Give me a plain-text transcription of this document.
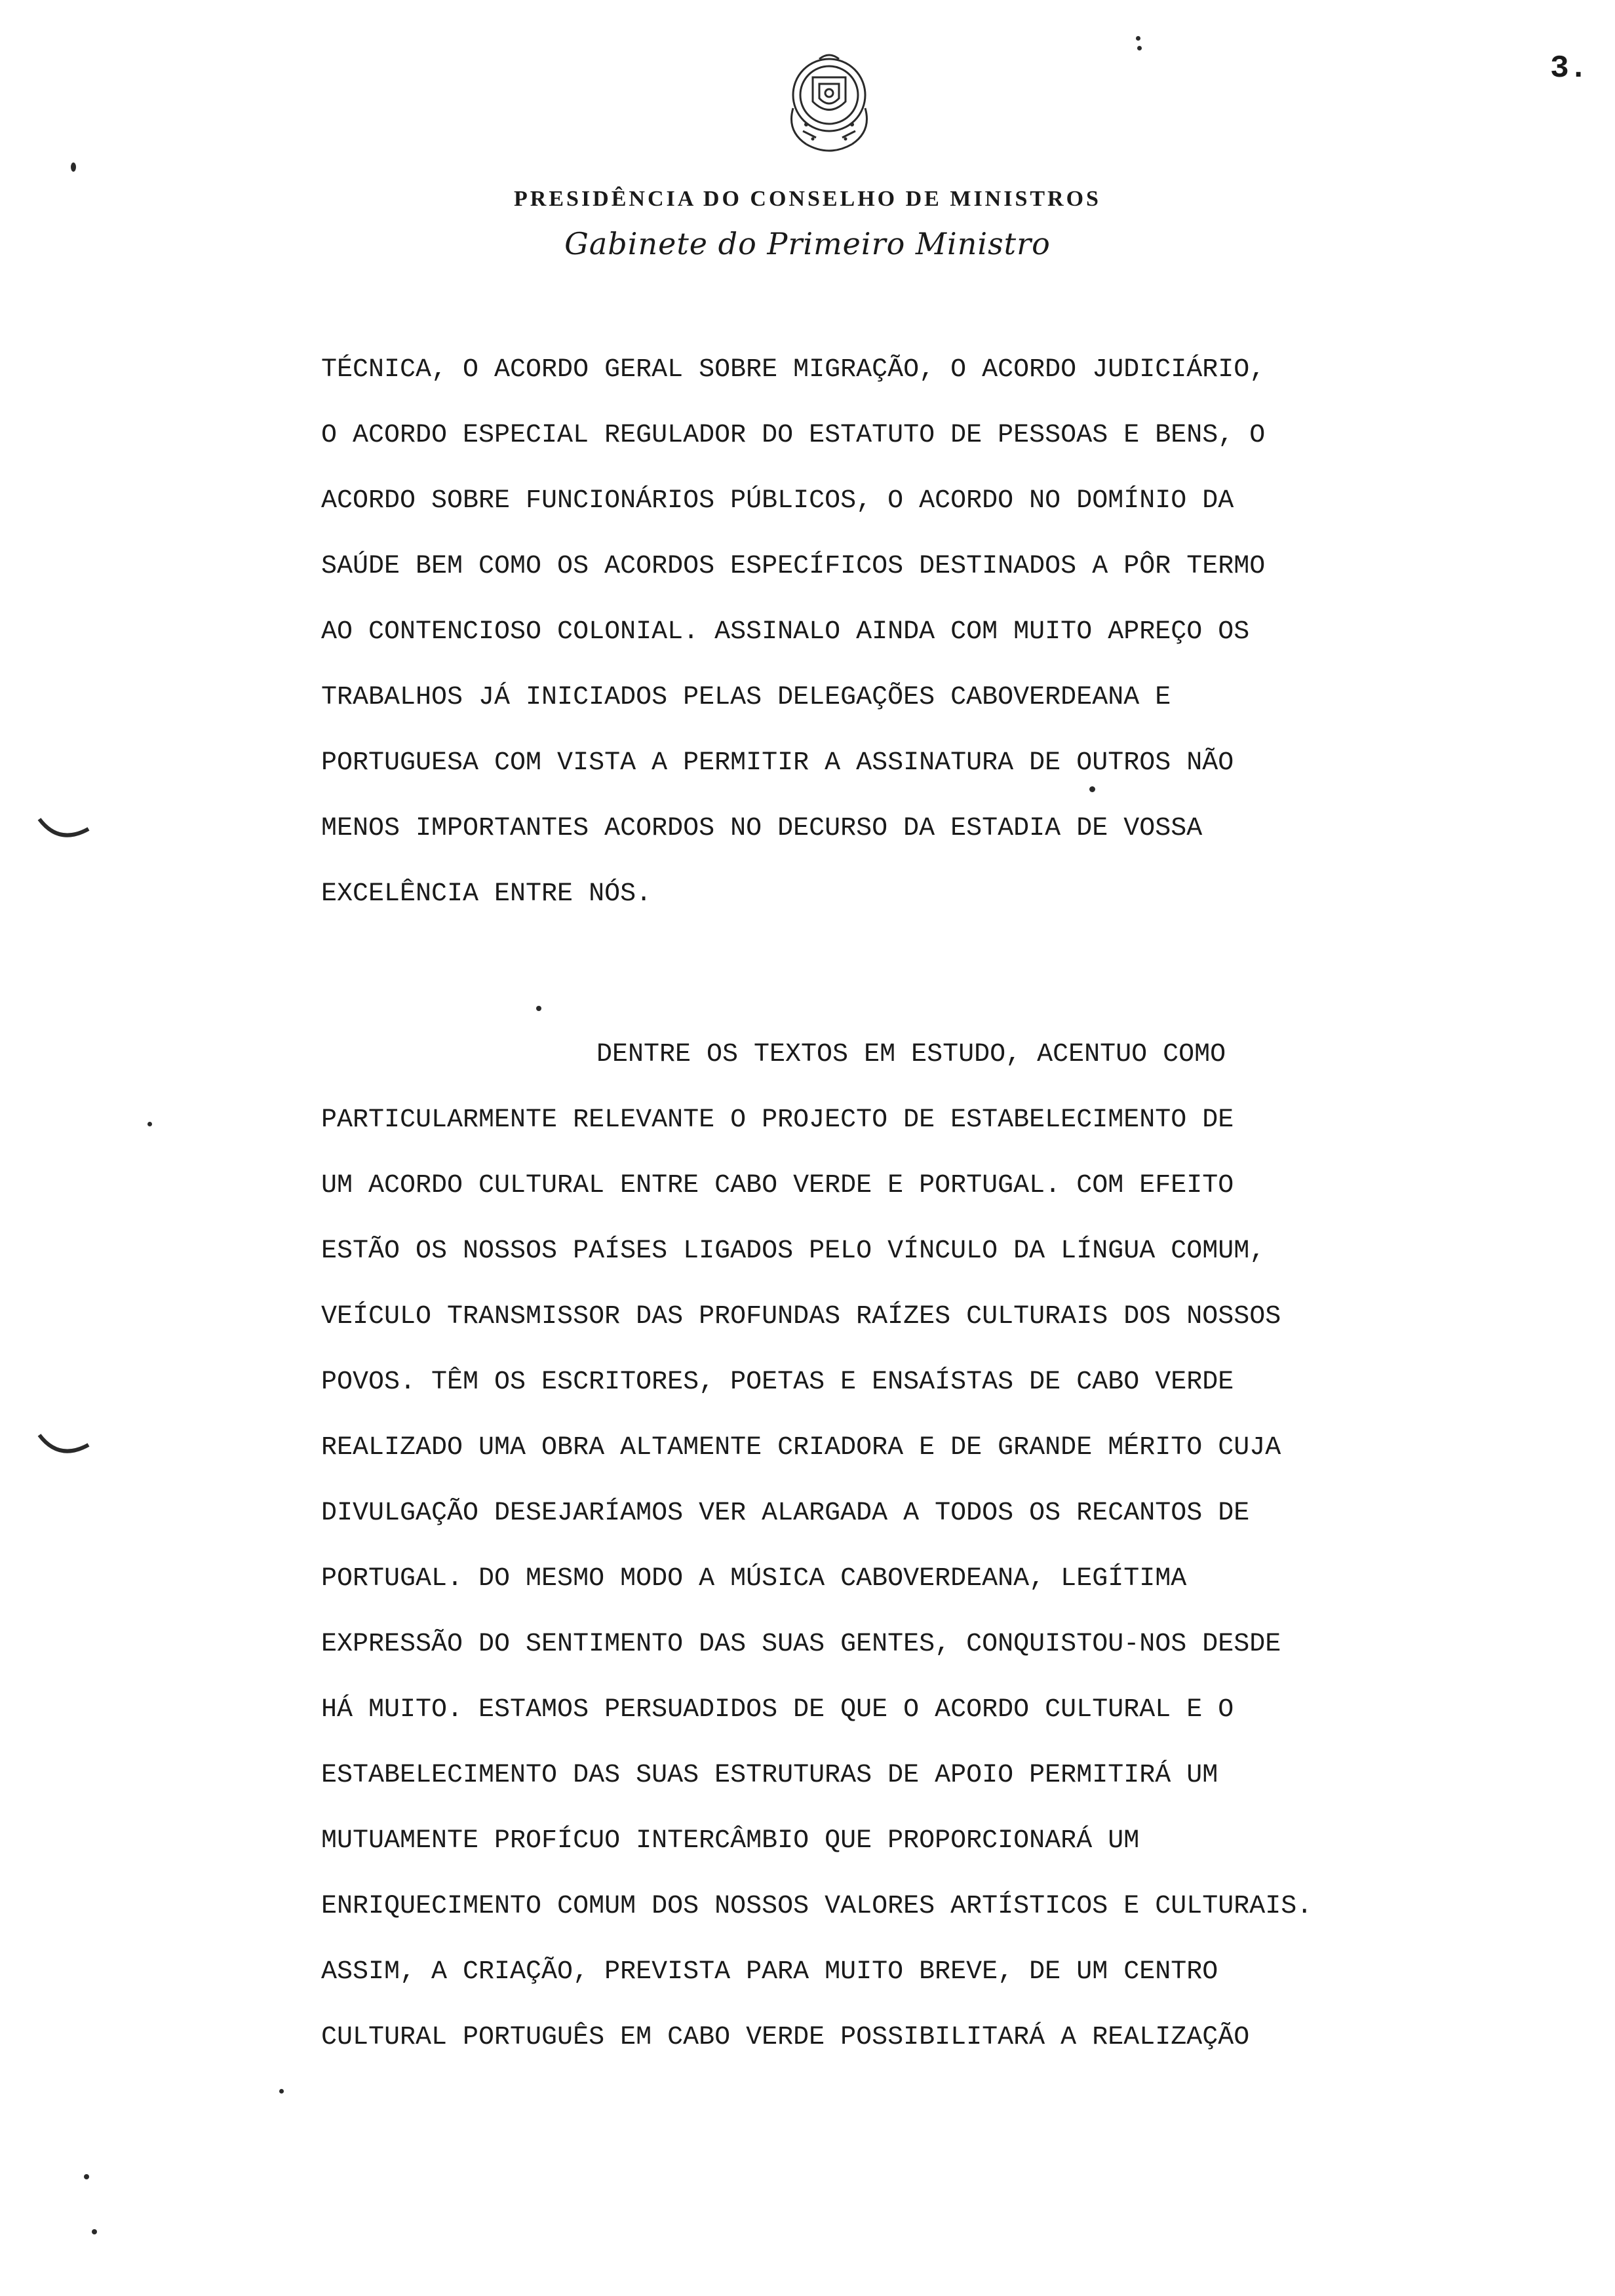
3.
PRESIDÊNCIA DO CONSELHO DE MINISTROS
Gabinete do Primeiro Ministro
TÉCNICA, O ACORDO GERAL SOBRE MIGRAÇÃO, O ACORDO JUDICIÁRIO,
O ACORDO ESPECIAL REGULADOR DO ESTATUTO DE PESSOAS E BENS, O
ACORDO SOBRE FUNCIONÁRIOS PÚBLICOS, O ACORDO NO DOMÍNIO DA
SAÚDE BEM COMO OS ACORDOS ESPECÍFICOS DESTINADOS A PÔR TERMO
AO CONTENCIOSO COLONIAL. ASSINALO AINDA COM MUITO APREÇO OS
TRABALHOS JÁ INICIADOS PELAS DELEGAÇÕES CABOVERDEANA E
PORTUGUESA COM VISTA A PERMITIR A ASSINATURA DE OUTROS NÃO
MENOS IMPORTANTES ACORDOS NO DECURSO DA ESTADIA DE VOSSA
EXCELÊNCIA ENTRE NÓS.
DENTRE OS TEXTOS EM ESTUDO, ACENTUO COMO
PARTICULARMENTE RELEVANTE O PROJECTO DE ESTABELECIMENTO DE
UM ACORDO CULTURAL ENTRE CABO VERDE E PORTUGAL. COM EFEITO
ESTÃO OS NOSSOS PAÍSES LIGADOS PELO VÍNCULO DA LÍNGUA COMUM,
VEÍCULO TRANSMISSOR DAS PROFUNDAS RAÍZES CULTURAIS DOS NOSSOS
POVOS. TÊM OS ESCRITORES, POETAS E ENSAÍSTAS DE CABO VERDE
REALIZADO UMA OBRA ALTAMENTE CRIADORA E DE GRANDE MÉRITO CUJA
DIVULGAÇÃO DESEJARÍAMOS VER ALARGADA A TODOS OS RECANTOS DE
PORTUGAL. DO MESMO MODO A MÚSICA CABOVERDEANA, LEGÍTIMA
EXPRESSÃO DO SENTIMENTO DAS SUAS GENTES, CONQUISTOU-NOS DESDE
HÁ MUITO. ESTAMOS PERSUADIDOS DE QUE O ACORDO CULTURAL E O
ESTABELECIMENTO DAS SUAS ESTRUTURAS DE APOIO PERMITIRÁ UM
MUTUAMENTE PROFÍCUO INTERCÂMBIO QUE PROPORCIONARÁ UM
ENRIQUECIMENTO COMUM DOS NOSSOS VALORES ARTÍSTICOS E CULTURAIS.
ASSIM, A CRIAÇÃO, PREVISTA PARA MUITO BREVE, DE UM CENTRO
CULTURAL PORTUGUÊS EM CABO VERDE POSSIBILITARÁ A REALIZAÇÃO
